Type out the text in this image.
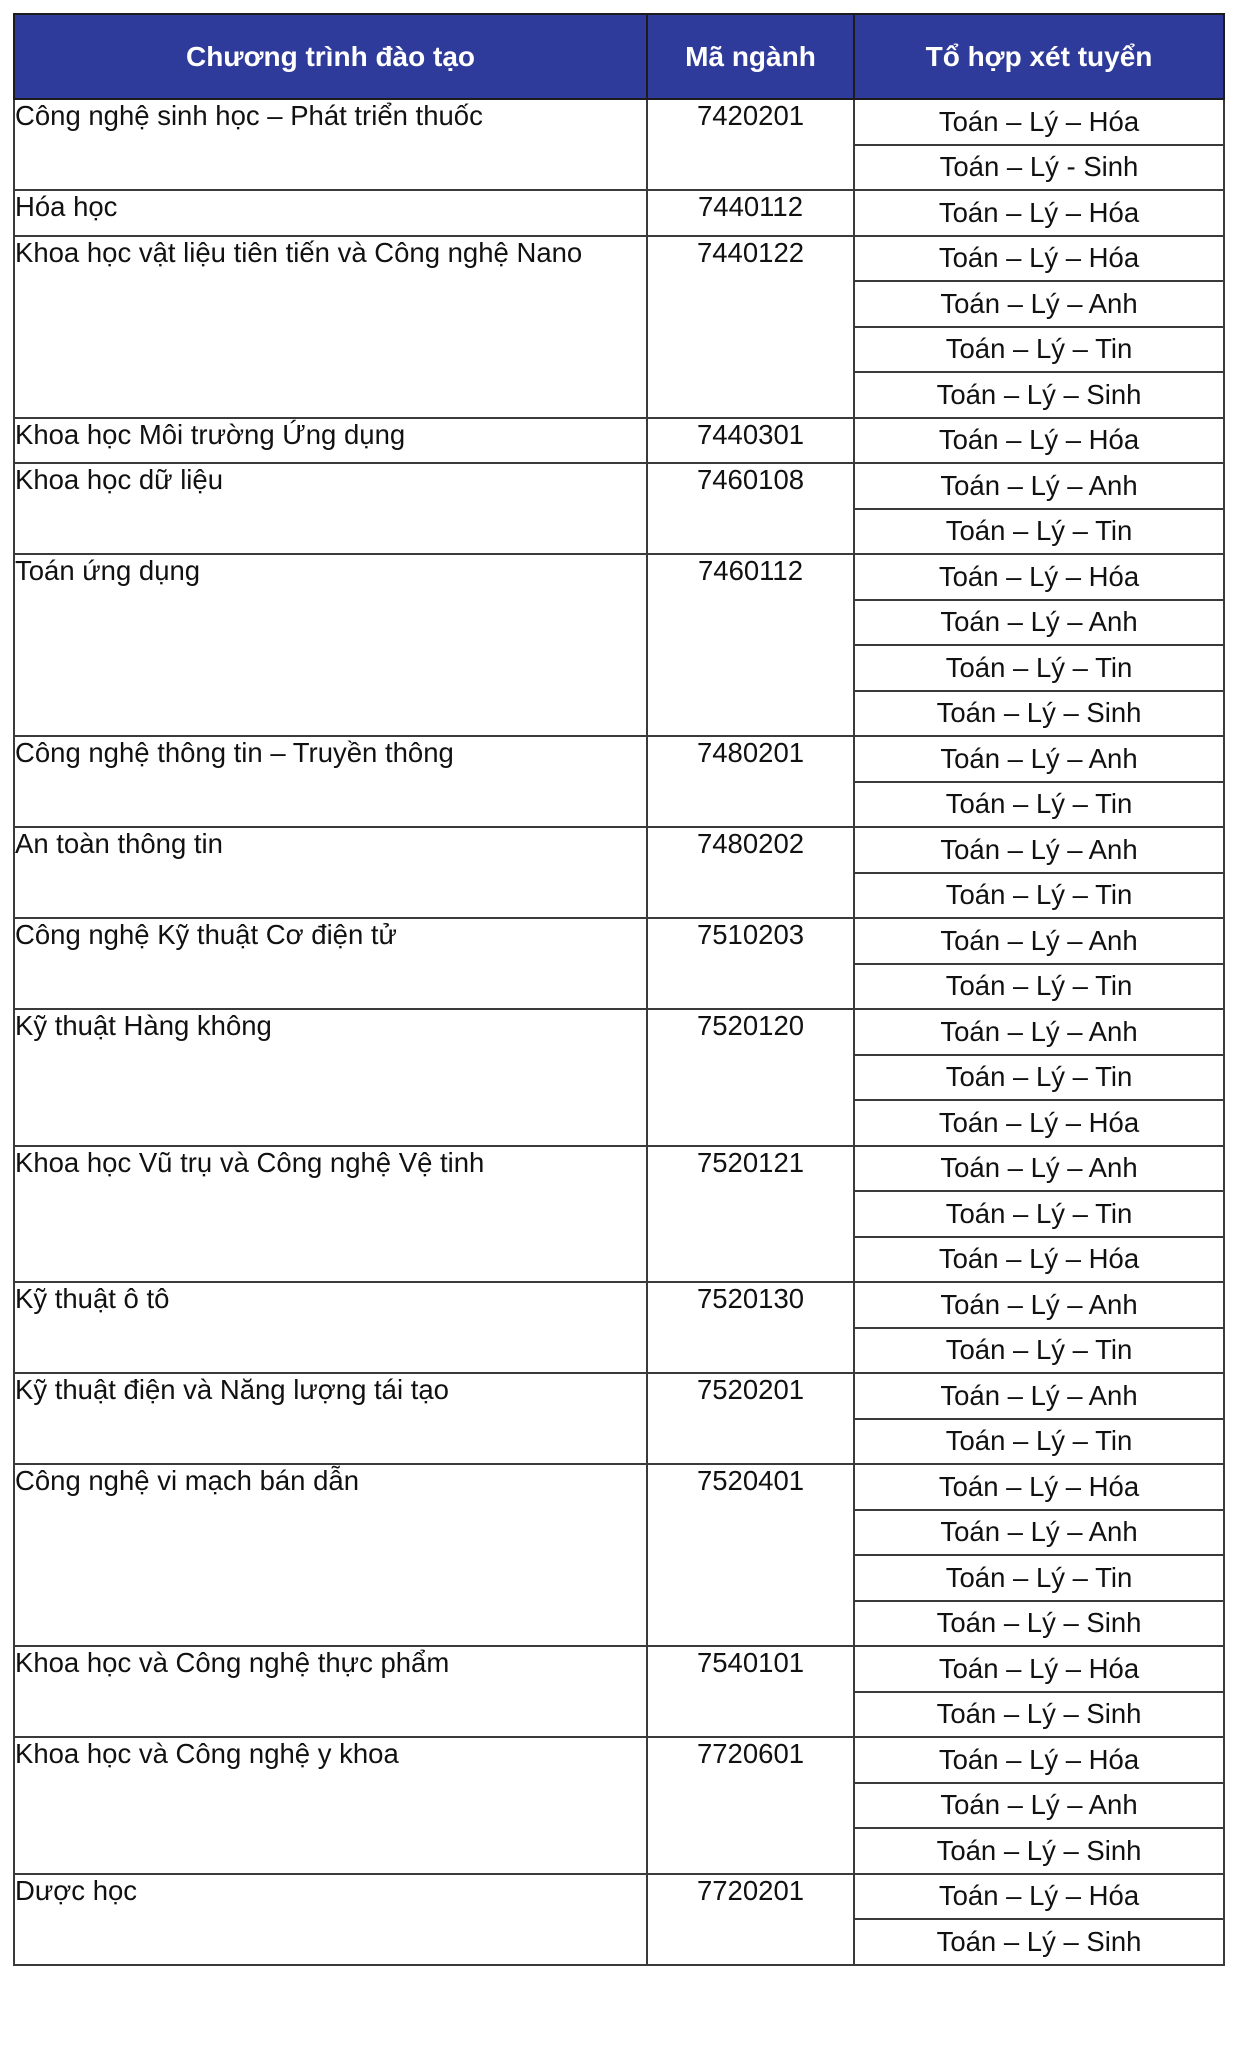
Chương trình đào tạo	Mã ngành	Tổ hợp xét tuyển
Công nghệ sinh học – Phát triển thuốc	7420201	Toán – Lý – Hóa
		Toán – Lý - Sinh
Hóa học	7440112	Toán – Lý – Hóa
Khoa học vật liệu tiên tiến và Công nghệ Nano	7440122	Toán – Lý – Hóa
		Toán – Lý – Anh
		Toán – Lý – Tin
		Toán – Lý – Sinh
Khoa học Môi trường Ứng dụng	7440301	Toán – Lý – Hóa
Khoa học dữ liệu	7460108	Toán – Lý – Anh
		Toán – Lý – Tin
Toán ứng dụng	7460112	Toán – Lý – Hóa
		Toán – Lý – Anh
		Toán – Lý – Tin
		Toán – Lý – Sinh
Công nghệ thông tin – Truyền thông	7480201	Toán – Lý – Anh
		Toán – Lý – Tin
An toàn thông tin	7480202	Toán – Lý – Anh
		Toán – Lý – Tin
Công nghệ Kỹ thuật Cơ điện tử	7510203	Toán – Lý – Anh
		Toán – Lý – Tin
Kỹ thuật Hàng không	7520120	Toán – Lý – Anh
		Toán – Lý – Tin
		Toán – Lý – Hóa
Khoa học Vũ trụ và Công nghệ Vệ tinh	7520121	Toán – Lý – Anh
		Toán – Lý – Tin
		Toán – Lý – Hóa
Kỹ thuật ô tô	7520130	Toán – Lý – Anh
		Toán – Lý – Tin
Kỹ thuật điện và Năng lượng tái tạo	7520201	Toán – Lý – Anh
		Toán – Lý – Tin
Công nghệ vi mạch bán dẫn	7520401	Toán – Lý – Hóa
		Toán – Lý – Anh
		Toán – Lý – Tin
		Toán – Lý – Sinh
Khoa học và Công nghệ thực phẩm	7540101	Toán – Lý – Hóa
		Toán – Lý – Sinh
Khoa học và Công nghệ y khoa	7720601	Toán – Lý – Hóa
		Toán – Lý – Anh
		Toán – Lý – Sinh
Dược học	7720201	Toán – Lý – Hóa
		Toán – Lý – Sinh
